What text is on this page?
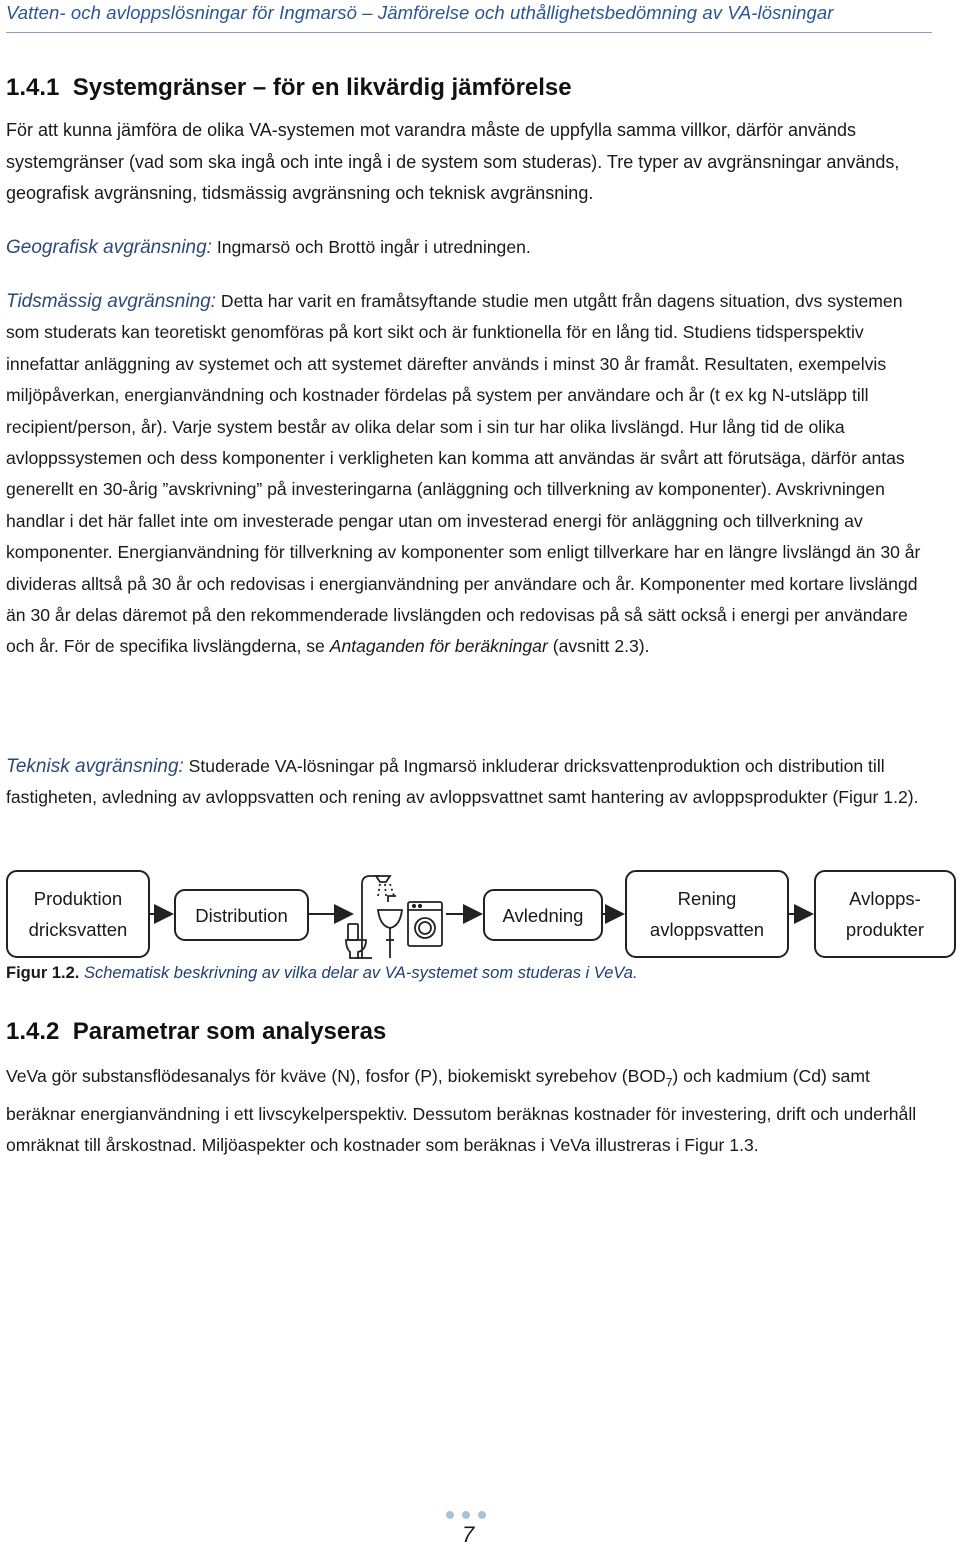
Vatten- och avloppslösningar för Ingmarsö – Jämförelse och uthållighetsbedömning av VA-lösningar
1.4.1 Systemgränser – för en likvärdig jämförelse

För att kunna jämföra de olika VA-systemen mot varandra måste de uppfylla samma villkor, därför används systemgränser (vad som ska ingå och inte ingå i de system som studeras). Tre typer av avgränsningar används, geografisk avgränsning, tidsmässig avgränsning och teknisk avgränsning.

Geografisk avgränsning: Ingmarsö och Brottö ingår i utredningen.

Tidsmässig avgränsning: Detta har varit en framåtsyftande studie men utgått från dagens situation, dvs systemen som studerats kan teoretiskt genomföras på kort sikt och är funktionella för en lång tid. Studiens tidsperspektiv innefattar anläggning av systemet och att systemet därefter används i minst 30 år framåt. Resultaten, exempelvis miljöpåverkan, energianvändning och kostnader fördelas på system per användare och år (t ex kg N-utsläpp till recipient/person, år). Varje system består av olika delar som i sin tur har olika livslängd. Hur lång tid de olika avloppssystemen och dess komponenter i verkligheten kan komma att användas är svårt att förutsäga, därför antas generellt en 30-årig ”avskrivning” på investeringarna (anläggning och tillverkning av komponenter). Avskrivningen handlar i det här fallet inte om investerade pengar utan om investerad energi för anläggning och tillverkning av komponenter. Energianvändning för tillverkning av komponenter som enligt tillverkare har en längre livslängd än 30 år divideras alltså på 30 år och redovisas i energianvändning per användare och år. Komponenter med kortare livslängd än 30 år delas däremot på den rekommenderade livslängden och redovisas på så sätt också i energi per användare och år. För de specifika livslängderna, se Antaganden för beräkningar (avsnitt 2.3).

Teknisk avgränsning: Studerade VA-lösningar på Ingmarsö inkluderar dricksvattenproduktion och distribution till fastigheten, avledning av avloppsvatten och rening av avloppsvattnet samt hantering av avloppsprodukter (Figur 1.2).

Produktion
dricksvatten
Distribution	Avledning
Rening
avloppsvatten
Avlopps-
produkter
Figur 1.2. Schematisk beskrivning av vilka delar av VA-systemet som studeras i VeVa.
1.4.2 Parametrar som analyseras

VeVa gör substansflödesanalys för kväve (N), fosfor (P), biokemiskt syrebehov $(BOD_7)$ och kadmium (Cd) samt beräknar energianvändning i ett livscykelperspektiv. Dessutom beräknas kostnader för investering, drift och underhåll omräknat till årskostnad. Miljöaspekter och kostnader som beräknas i VeVa illustreras i Figur 1.3.

7
